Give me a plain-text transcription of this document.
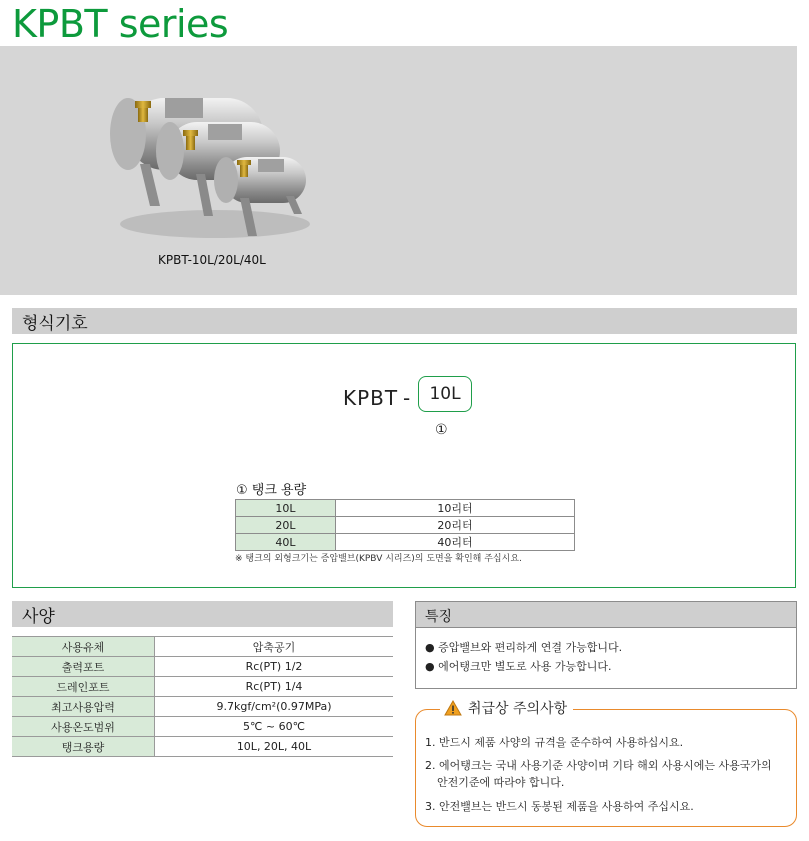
KPBT series
KPBT-10L/20L/40L
형식기호
KPBT -	10L
①
① 탱크 용량
10L	10리터
20L	20리터
40L	40리터
※ 탱크의 외형크기는 증압밸브(KPBV 시리즈)의 도면을 확인해 주십시요.
사양
사용유체	압축공기
출력포트	Rc(PT) 1/2
드레인포트	Rc(PT) 1/4
최고사용압력	9.7kgf/cm²(0.97MPa)
사용온도범위	5℃ ~ 60℃
탱크용량	10L, 20L, 40L
특징
● 증압밸브와 편리하게 연결 가능합니다.
● 에어탱크만 별도로 사용 가능합니다.
1. 반드시 제품 사양의 규격을 준수하여 사용하십시요.
2. 에어탱크는 국내 사용기준 사양이며 기타 해외 사용시에는 사용국가의
안전기준에 따라야 합니다.
3. 안전밸브는 반드시 동봉된 제품을 사용하여 주십시요.
취급상 주의사항
